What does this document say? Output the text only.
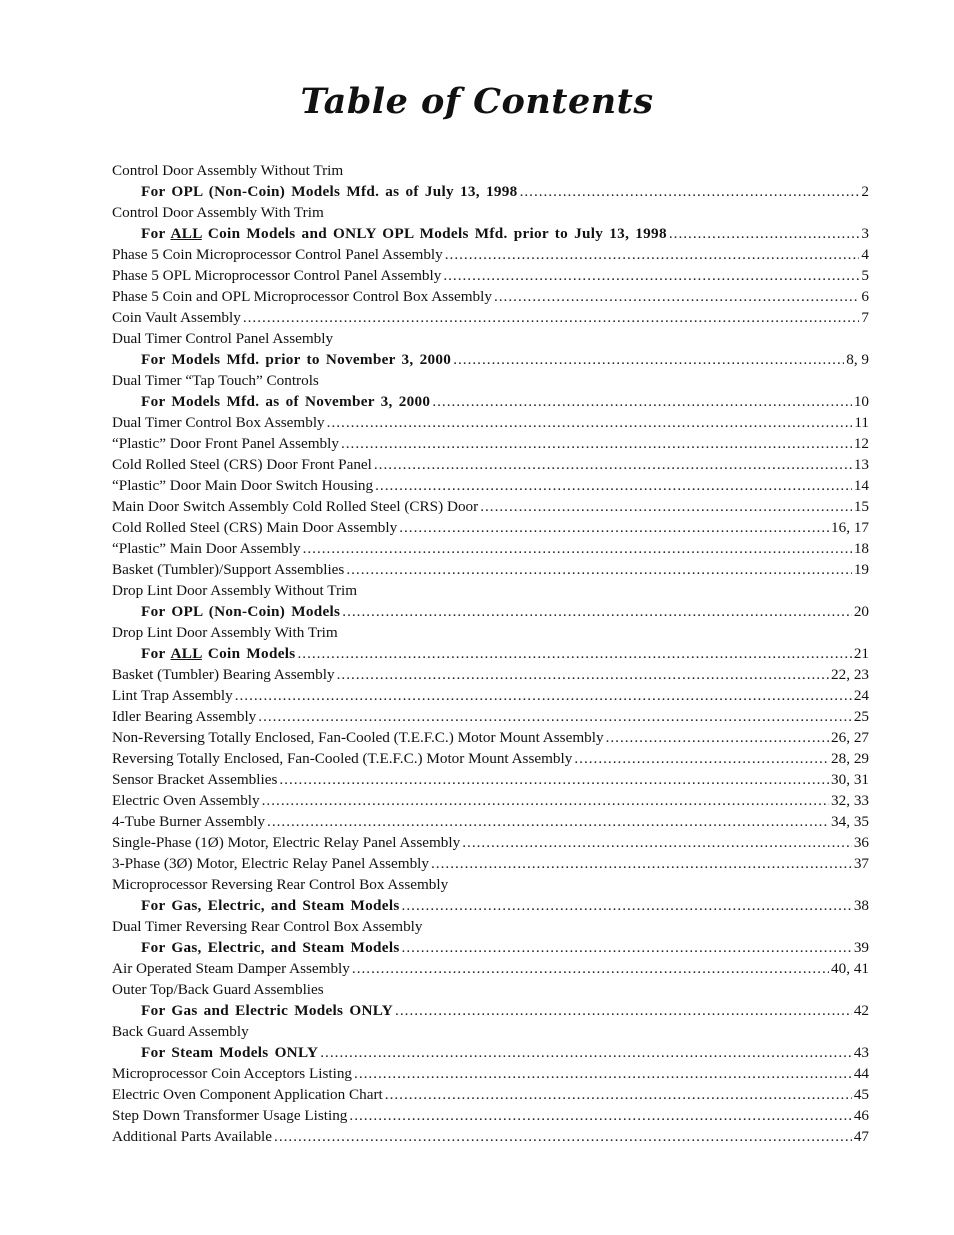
Table of Contents
Control Door Assembly Without Trim
For OPL (Non-Coin) Models Mfd. as of July 13, 1998 .....	2
Control Door Assembly With Trim
For ALL Coin Models and ONLY OPL Models Mfd. prior to July 13, 1998 .....	3
Phase 5 Coin Microprocessor Control Panel Assembly .....	4
Phase 5 OPL Microprocessor Control Panel Assembly .....	5
Phase 5 Coin and OPL Microprocessor Control Box Assembly .....	6
Coin Vault Assembly .....	7
Dual Timer Control Panel Assembly
For Models Mfd. prior to November 3, 2000 .....	8, 9
Dual Timer “Tap Touch” Controls
For Models Mfd. as of November 3, 2000 .....	10
Dual Timer Control Box Assembly .....	11
“Plastic” Door Front Panel Assembly .....	12
Cold Rolled Steel (CRS) Door Front Panel .....	13
“Plastic” Door Main Door Switch Housing .....	14
Main Door Switch Assembly Cold Rolled Steel (CRS) Door .....	15
Cold Rolled Steel (CRS) Main Door Assembly .....	16, 17
“Plastic” Main Door Assembly .....	18
Basket (Tumbler)/Support Assemblies .....	19
Drop Lint Door Assembly Without Trim
For OPL (Non-Coin) Models .....	20
Drop Lint Door Assembly With Trim
For ALL Coin Models .....	21
Basket (Tumbler) Bearing Assembly .....	22, 23
Lint Trap Assembly .....	24
Idler Bearing Assembly .....	25
Non-Reversing Totally Enclosed, Fan-Cooled (T.E.F.C.) Motor Mount Assembly .....	26, 27
Reversing Totally Enclosed, Fan-Cooled (T.E.F.C.) Motor Mount Assembly .....	28, 29
Sensor Bracket Assemblies .....	30, 31
Electric Oven Assembly .....	32, 33
4-Tube Burner Assembly .....	34, 35
Single-Phase (1Ø) Motor, Electric Relay Panel Assembly .....	36
3-Phase (3Ø) Motor, Electric Relay Panel Assembly .....	37
Microprocessor Reversing Rear Control Box Assembly
For Gas, Electric, and Steam Models .....	38
Dual Timer Reversing Rear Control Box Assembly
For Gas, Electric, and Steam Models .....	39
Air Operated Steam Damper Assembly .....	40, 41
Outer Top/Back Guard Assemblies
For Gas and Electric Models ONLY .....	42
Back Guard Assembly
For Steam Models ONLY .....	43
Microprocessor Coin Acceptors Listing .....	44
Electric Oven Component Application Chart .....	45
Step Down Transformer Usage Listing .....	46
Additional Parts Available .....	47
